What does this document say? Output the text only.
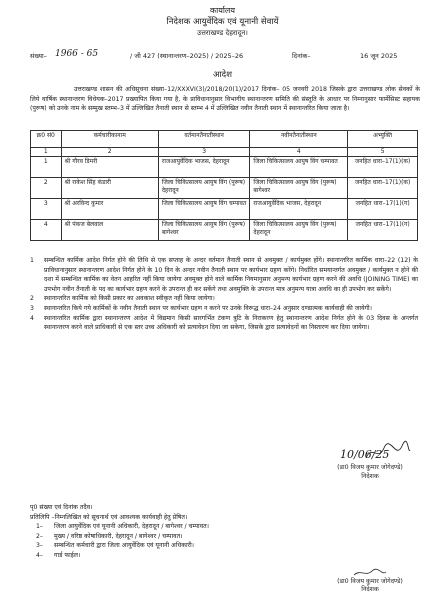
कार्यालय
निदेशक आयुर्वेदिक एवं यूनानी सेवायें
उत्तराखण्ड देहरादून।
संख्या– 1966 - 65	/ जी 427 (स्थानान्तरण–2025) / 2025–26	दिनांक–	16 जून 2025
आदेश
उत्तराखण्ड शासन की अधिसूचना संख्या–12/XXXVI(3)/2018/20(1)/2017 दिनांक– 05 जनवरी 2018 जिसके द्वारा उत्तराखण्ड लोक सेवकों के लिये वार्षिक स्थानान्तरण विधेयक–2017 प्रख्यापित किया गया है, के प्राविधानानुसार विभागीय स्थानान्तरण समिति की संस्तुति के आधार पर निम्नानुसार फार्मेसिस्ट सहायक (पुरूष) को उनके नाम के सम्मुख स्तम्भ–3 में उल्लिखित तैनाती स्थान से स्तम्भ 4 में उल्लिखित नवीन तैनाती स्थान में स्थानान्तरित किया जाता है।
क्र0 सं0	कर्मचारीकानाम	वर्तमानतैनातीस्थान	नवीनतैनातीस्थान	अभ्युक्ति
1	2	3	4	5
1	श्री गौरव डिमरी	राजआयुर्वेदिक भाजस, देहरादून	जिला चिकित्सालय आयुष विंग चम्पावत	जनहित धारा–17(1)(क)
2	श्री राकेश सिंह कंडारी	जिला चिकित्सालय आयुष विंग (पुरूष) देहरादून	जिला चिकित्सालय आयुष विंग (पुरूष) बागेश्वर	जनहित धारा–17(1)(क)
3	श्री अरविन्द कुमार	जिला चिकित्सालय आयुष विंग चम्पावत	राजआयुर्वेदिक भाजस, देहरादून	जनहित धारा–17(1)(ग)
4	श्री पंकज बेलवाल	जिला चिकित्सालय आयुष विंग (पुरूष) बागेश्वर	जिला चिकित्सालय आयुष विंग (पुरूष) देहरादून	जनहित धारा–17(1)(ग)
1 सम्बन्धित कार्मिक आदेश निर्गत होने की तिथि से एक सप्ताह के अन्दर वर्तमान तैनाती स्थान से अवमुक्त / कार्यमुक्त होंगे। स्थानान्तरित कार्मिक धारा–22 (12) के प्राविधानानुसार स्थानान्तरण आदेश निर्गत होने के 10 दिन के अन्दर नवीन तैनाती स्थान पर कार्यभार ग्रहण करेंगे। निर्धारित समयान्तर्गत अवमुक्त / कार्यमुक्त न होने की दशा में सम्बन्धित कार्मिक का वेतन आहरित नहीं किया जायेगा अवमुक्त होने वाले कार्मिक नियमानुसार अनुमन्य कार्यभार ग्रहण करने की अवधि (JOINING TIME) का उपभोग नवीन तैनाती के पद का कार्यभार ग्रहण करने के उपरान्त ही कर सकेंगे तथा अवमुक्ति के उपरान्त मात्र अनुमन्य यात्रा अवधि का ही उपभोग कर सकेंगे।
2 स्थानान्तरित कार्मिक को किसी प्रकार का अवकाश स्वीकृत नहीं किया जायेगा।
3 स्थानान्तरित किये गये कार्मिकों के नवीन तैनाती स्थान पर कार्यभार ग्रहण न करने पर उनके विरूद्ध धारा–24 अनुसार दण्डात्मक कार्यवाही की जायेगी।
4 स्थानान्तरित कार्मिक द्वारा स्थानान्तरण आदेश में विद्यमान किसी सारगर्भित टंकण त्रुटि के निराकरण हेतु स्थानान्तरण आदेश निर्गत होने के 03 दिवस के अन्तर्गत स्थानान्तरण करने वाले प्राधिकारी से एक स्तर उच्च अधिकारी को प्रत्यावेदन दिया जा सकेगा, जिसके द्वारा प्रत्यावेदनों का निस्तारण कर दिया जायेगा।
10/06/25
(डा0 विजय कुमार जोगेदण्डे)
निदेशक
पृ0 संख्या एवं दिनांक तदैव।
प्रतिलिपि –निम्नलिखित को सूचनार्थ एवं आवश्यक कार्यवाही हेतु प्रेषित।
1– जिला आयुर्वेदिक एवं यूनानी अधिकारी, देहरादून / बागेश्वर / चम्पावत।
2– मुख्य / वरिष्ठ कोषाधिकारी, देहरादून / बागेश्वर / चम्पावत।
3– सम्बन्धित कर्मचारी द्वारा जिला आयुर्वेदिक एवं यूनानी अधिकारी।
4– गार्ड फाईल।
(डा0 विजय कुमार जोगेदण्डे)
निदेशक
